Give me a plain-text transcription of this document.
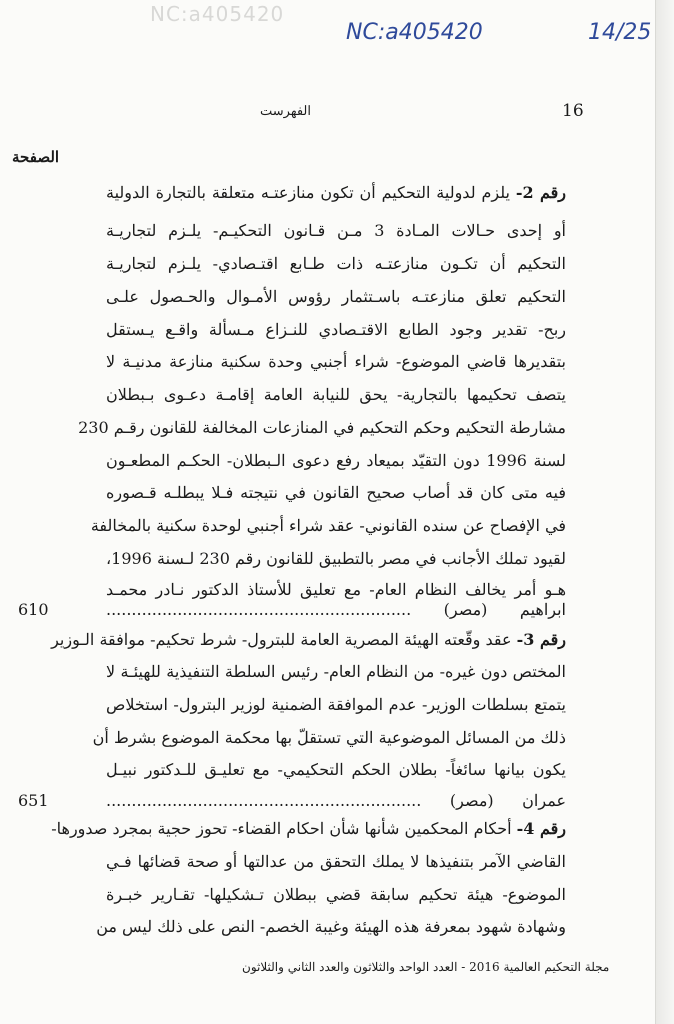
NC:a405420
NC:a405420	14/25
16
الفهرست
الصفحة
رقم 2- يلزم لدولية التحكيم أن تكون منازعتـه متعلقة بالتجارة الدولية
أو إحدى حـالات المـادة 3 مـن قـانون التحكيـم- يلـزم لتجاريـة
التحكيم أن تكـون منازعتـه ذات طـابع اقتـصادي- يلـزم لتجاريـة
التحكيم تعلق منازعتـه باسـتثمار رؤوس الأمـوال والحـصول علـى
ربح- تقدير وجود الطابع الاقتـصادي للنـزاع مـسألة واقـع يـستقل
بتقديرها قاضي الموضوع- شراء أجنبي وحدة سكنية منازعة مدنيـة لا
يتصف تحكيمها بالتجارية- يحق للنيابة العامة إقامـة دعـوى بـبطلان
مشارطة التحكيم وحكم التحكيم في المنازعات المخالفة للقانون رقـم 230
لسنة 1996 دون التقيّد بميعاد رفع دعوى الـبطلان- الحكـم المطعـون
فيه متى كان قد أصاب صحيح القانون في نتيجته فـلا يبطلـه قـصوره
في الإفصاح عن سنده القانوني- عقد شراء أجنبي لوحدة سكنية بالمخالفة
لقيود تملك الأجانب في مصر بالتطبيق للقانون رقم 230 لـسنة 1996،
هـو أمر يخالف النظام العام- مع تعليق للأستاذ الدكتور نـادر محمـد
ابراهيم (مصر) ............................................................
610
رقم 3- عقد وقّعته الهيئة المصرية العامة للبترول- شرط تحكيم- موافقة الـوزير
المختص دون غيره- من النظام العام- رئيس السلطة التنفيذية للهيئـة لا
يتمتع بسلطات الوزير- عدم الموافقة الضمنية لوزير البترول- استخلاص
ذلك من المسائل الموضوعية التي تستقلّ بها محكمة الموضوع بشرط أن
يكون بيانها سائغاً- بطلان الحكم التحكيمي- مع تعليـق للـدكتور نبيـل
عمران (مصر) ..............................................................
651
رقم 4- أحكام المحكمين شأنها شأن احكام القضاء- تحوز حجية بمجرد صدورها-
القاضي الآمر بتنفيذها لا يملك التحقق من عدالتها أو صحة قضائها فـي
الموضوع- هيئة تحكيم سابقة قضي ببطلان تـشكيلها- تقـارير خبـرة
وشهادة شهود بمعرفة هذه الهيئة وغيبة الخصم- النص على ذلك ليس من
مجلة التحكيم العالمية 2016 - العدد الواحد والثلاثون والعدد الثاني والثلاثون
